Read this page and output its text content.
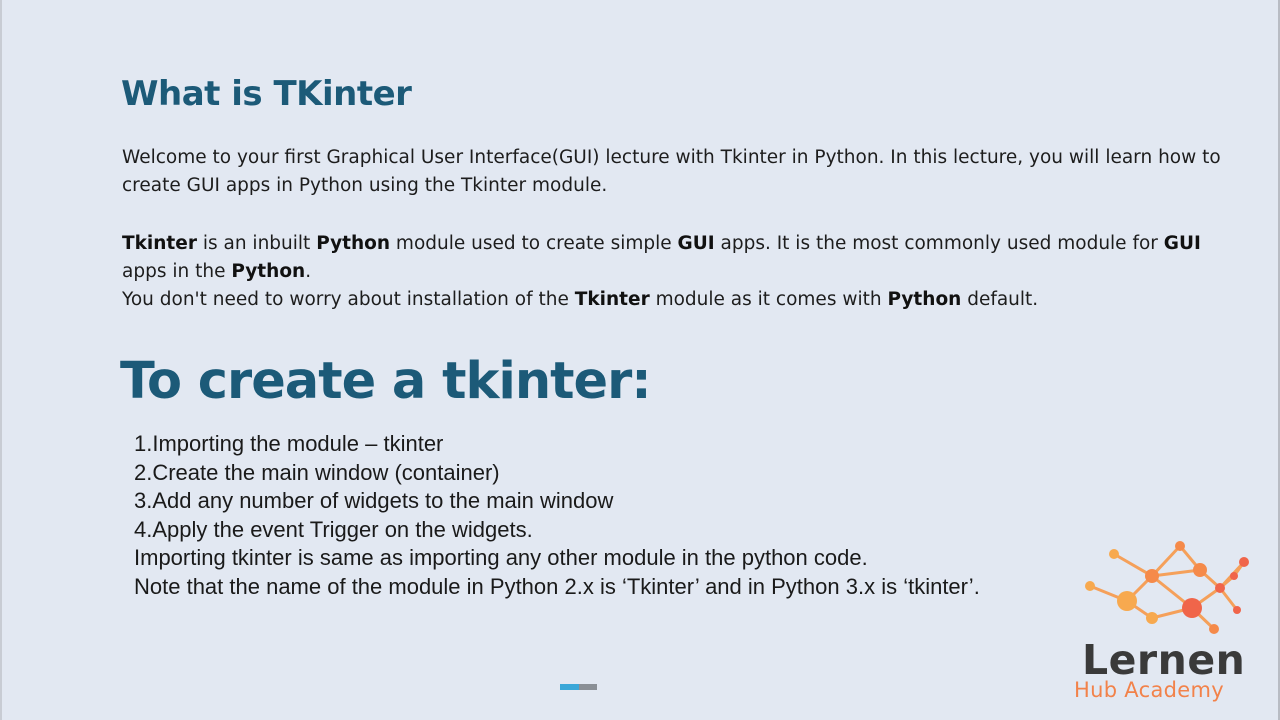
What is TKinter

Welcome to your first Graphical User Interface(GUI) lecture with Tkinter in Python. In this lecture, you will learn how to create GUI apps in Python using the Tkinter module.

Tkinter is an inbuilt Python module used to create simple GUI apps. It is the most commonly used module for GUI apps in the Python.

You don't need to worry about installation of the Tkinter module as it comes with Python default.

To create a tkinter:
1.Importing the module – tkinter
2.Create the main window (container)
3.Add any number of widgets to the main window
4.Apply the event Trigger on the widgets.
Importing tkinter is same as importing any other module in the python code.
Note that the name of the module in Python 2.x is ‘Tkinter’ and in Python 3.x is ‘tkinter’.

Lernen

Hub Academy
